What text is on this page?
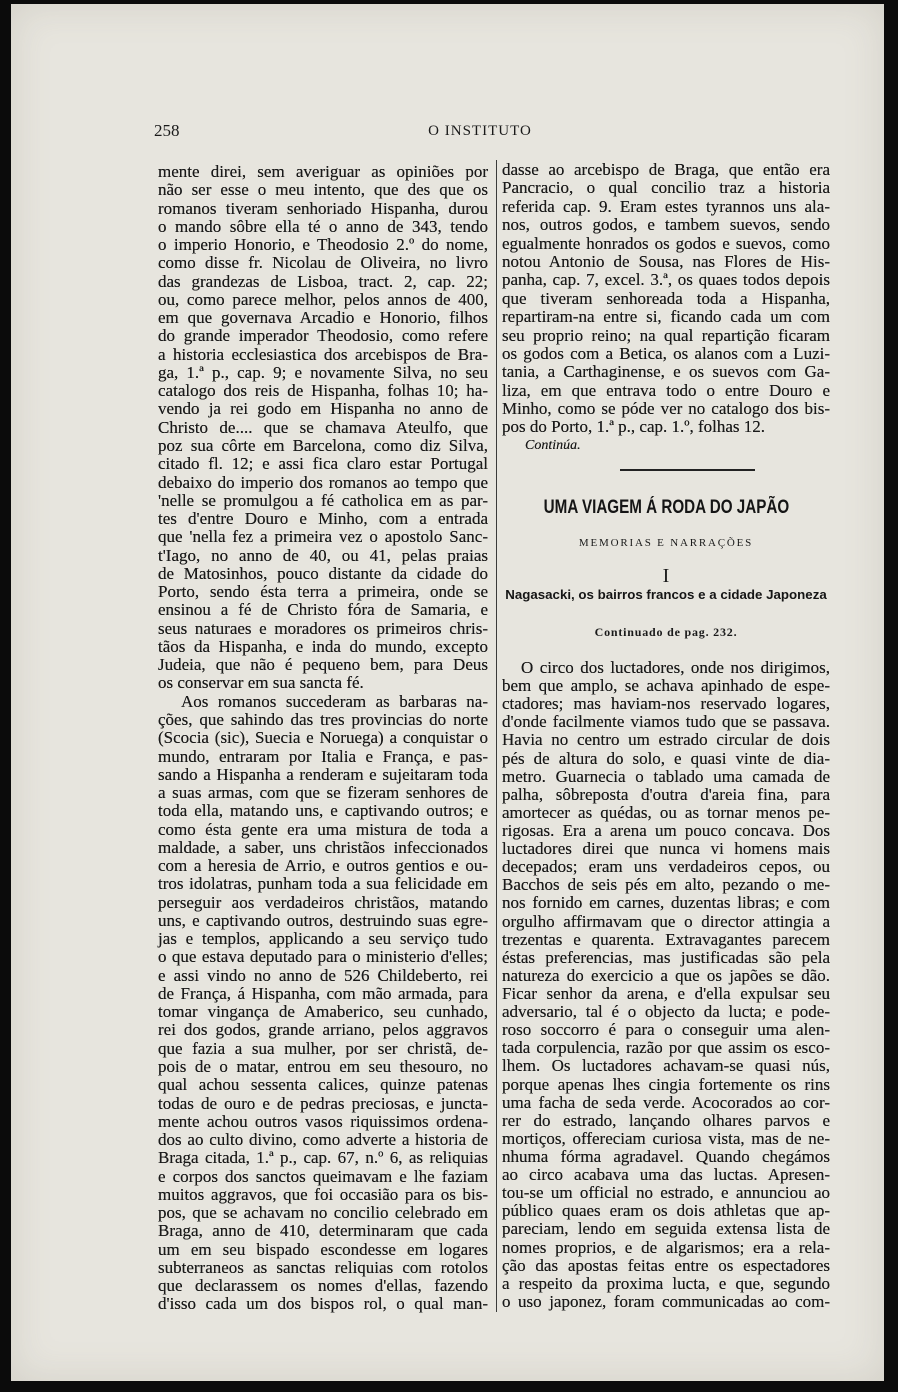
258	O INSTITUTO
mente direi, sem averiguar as opiniões por
não ser esse o meu intento, que des que os
romanos tiveram senhoriado Hispanha, durou
o mando sôbre ella té o anno de 343, tendo
o imperio Honorio, e Theodosio 2.º do nome,
como disse fr. Nicolau de Oliveira, no livro
das grandezas de Lisboa, tract. 2, cap. 22;
ou, como parece melhor, pelos annos de 400,
em que governava Arcadio e Honorio, filhos
do grande imperador Theodosio, como refere
a historia ecclesiastica dos arcebispos de Bra-
ga, 1.ª p., cap. 9; e novamente Silva, no seu
catalogo dos reis de Hispanha, folhas 10; ha-
vendo ja rei godo em Hispanha no anno de
Christo de.... que se chamava Ateulfo, que
poz sua côrte em Barcelona, como diz Silva,
citado fl. 12; e assi fica claro estar Portugal
debaixo do imperio dos romanos ao tempo que
'nelle se promulgou a fé catholica em as par-
tes d'entre Douro e Minho, com a entrada
que 'nella fez a primeira vez o apostolo Sanc-
t'Iago, no anno de 40, ou 41, pelas praias
de Matosinhos, pouco distante da cidade do
Porto, sendo ésta terra a primeira, onde se
ensinou a fé de Christo fóra de Samaria, e
seus naturaes e moradores os primeiros chris-
tãos da Hispanha, e inda do mundo, excepto
Judeia, que não é pequeno bem, para Deus
os conservar em sua sancta fé.
Aos romanos succederam as barbaras na-
ções, que sahindo das tres provincias do norte
(Scocia (sic), Suecia e Noruega) a conquistar o
mundo, entraram por Italia e França, e pas-
sando a Hispanha a renderam e sujeitaram toda
a suas armas, com que se fizeram senhores de
toda ella, matando uns, e captivando outros; e
como ésta gente era uma mistura de toda a
maldade, a saber, uns christãos infeccionados
com a heresia de Arrio, e outros gentios e ou-
tros idolatras, punham toda a sua felicidade em
perseguir aos verdadeiros christãos, matando
uns, e captivando outros, destruindo suas egre-
jas e templos, applicando a seu serviço tudo
o que estava deputado para o ministerio d'elles;
e assi vindo no anno de 526 Childeberto, rei
de França, á Hispanha, com mão armada, para
tomar vingança de Amaberico, seu cunhado,
rei dos godos, grande arriano, pelos aggravos
que fazia a sua mulher, por ser christã, de-
pois de o matar, entrou em seu thesouro, no
qual achou sessenta calices, quinze patenas
todas de ouro e de pedras preciosas, e juncta-
mente achou outros vasos riquissimos ordena-
dos ao culto divino, como adverte a historia de
Braga citada, 1.ª p., cap. 67, n.º 6, as reliquias
e corpos dos sanctos queimavam e lhe faziam
muitos aggravos, que foi occasião para os bis-
pos, que se achavam no concilio celebrado em
Braga, anno de 410, determinaram que cada
um em seu bispado escondesse em logares
subterraneos as sanctas reliquias com rotolos
que declarassem os nomes d'ellas, fazendo
d'isso cada um dos bispos rol, o qual man-
dasse ao arcebispo de Braga, que então era
Pancracio, o qual concilio traz a historia
referida cap. 9. Eram estes tyrannos uns ala-
nos, outros godos, e tambem suevos, sendo
egualmente honrados os godos e suevos, como
notou Antonio de Sousa, nas Flores de His-
panha, cap. 7, excel. 3.ª, os quaes todos depois
que tiveram senhoreada toda a Hispanha,
repartiram-na entre si, ficando cada um com
seu proprio reino; na qual repartição ficaram
os godos com a Betica, os alanos com a Luzi-
tania, a Carthaginense, e os suevos com Ga-
liza, em que entrava todo o entre Douro e
Minho, como se póde ver no catalogo dos bis-
pos do Porto, 1.ª p., cap. 1.º, folhas 12.
Continúa.
UMA VIAGEM Á RODA DO JAPÃO
MEMORIAS E NARRAÇÕES
I
Nagasacki, os bairros francos e a cidade Japoneza
Continuado de pag. 232.
O circo dos luctadores, onde nos dirigimos,
bem que amplo, se achava apinhado de espe-
ctadores; mas haviam-nos reservado logares,
d'onde facilmente viamos tudo que se passava.
Havia no centro um estrado circular de dois
pés de altura do solo, e quasi vinte de dia-
metro. Guarnecia o tablado uma camada de
palha, sôbreposta d'outra d'areia fina, para
amortecer as quédas, ou as tornar menos pe-
rigosas. Era a arena um pouco concava. Dos
luctadores direi que nunca vi homens mais
decepados; eram uns verdadeiros cepos, ou
Bacchos de seis pés em alto, pezando o me-
nos fornido em carnes, duzentas libras; e com
orgulho affirmavam que o director attingia a
trezentas e quarenta. Extravagantes parecem
éstas preferencias, mas justificadas são pela
natureza do exercicio a que os japões se dão.
Ficar senhor da arena, e d'ella expulsar seu
adversario, tal é o objecto da lucta; e pode-
roso soccorro é para o conseguir uma alen-
tada corpulencia, razão por que assim os esco-
lhem. Os luctadores achavam-se quasi nús,
porque apenas lhes cingia fortemente os rins
uma facha de seda verde. Acocorados ao cor-
rer do estrado, lançando olhares parvos e
mortiços, offereciam curiosa vista, mas de ne-
nhuma fórma agradavel. Quando chegámos
ao circo acabava uma das luctas. Apresen-
tou-se um official no estrado, e annunciou ao
público quaes eram os dois athletas que ap-
pareciam, lendo em seguida extensa lista de
nomes proprios, e de algarismos; era a rela-
ção das apostas feitas entre os espectadores
a respeito da proxima lucta, e que, segundo
o uso japonez, foram communicadas ao com-
